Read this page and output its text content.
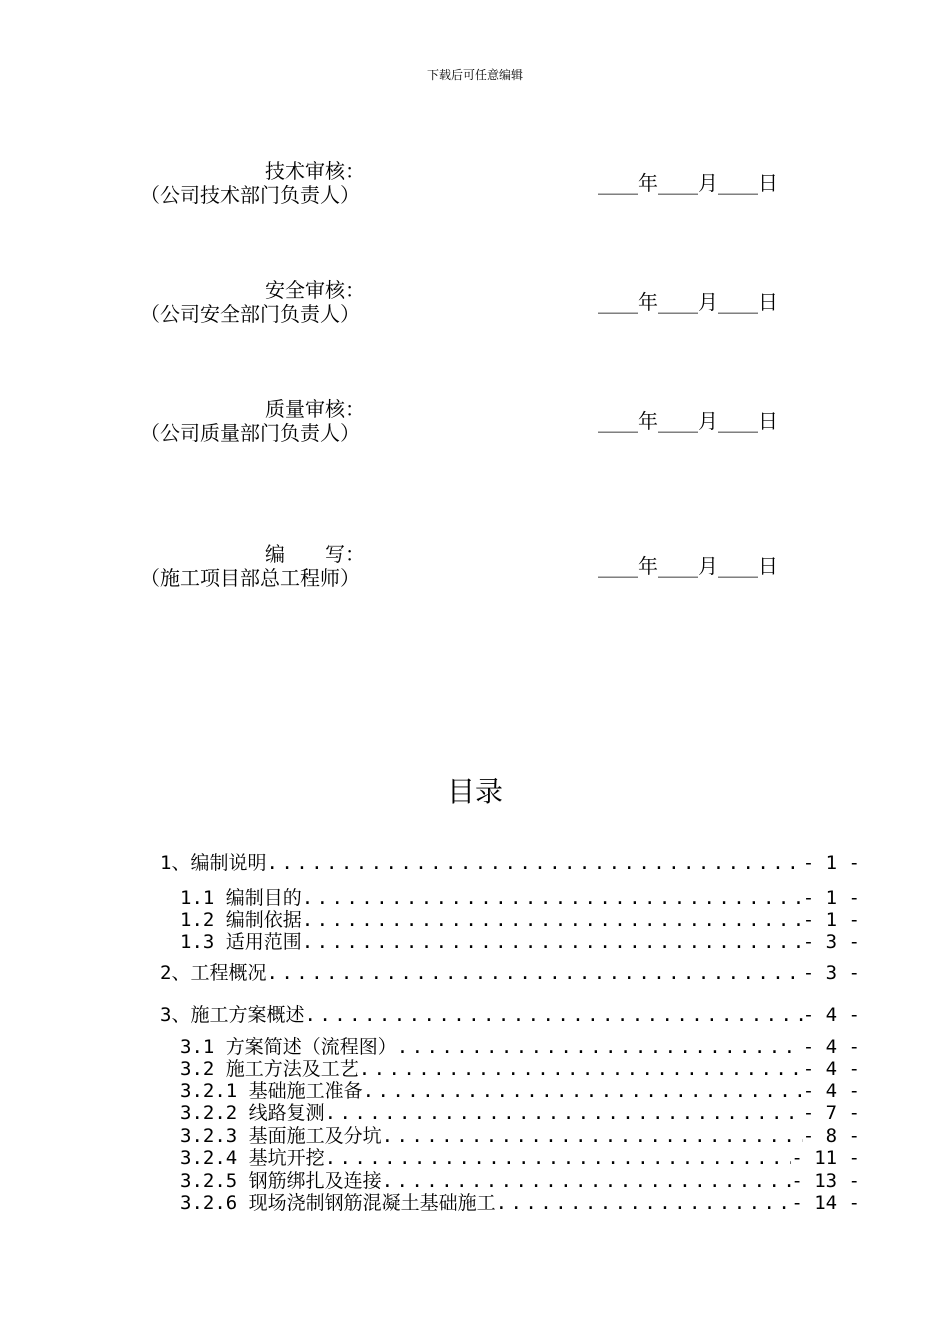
下载后可任意编辑
技术审核：
（公司技术部门负责人）	____年____月____日
安全审核：
（公司安全部门负责人）	____年____月____日
质量审核：
（公司质量部门负责人）	____年____月____日
编　　写：
（施工项目部总工程师）	____年____月____日
目录
1、编制说明 . . .	- 1 -
1.1 编制目的 . . .	- 1 -
1.2 编制依据 . . .	- 1 -
1.3 适用范围 . . .	- 3 -
2、工程概况 . . .	- 3 -
3、施工方案概述 . . .	- 4 -
3.1 方案简述（流程图） . . .	- 4 -
3.2 施工方法及工艺 . . .	- 4 -
3.2.1 基础施工准备 . . .	- 4 -
3.2.2 线路复测 . . .	- 7 -
3.2.3 基面施工及分坑 . . .	- 8 -
3.2.4 基坑开挖 . . .	- 11 -
3.2.5 钢筋绑扎及连接 . . .	- 13 -
3.2.6 现场浇制钢筋混凝土基础施工 . . .	- 14 -
